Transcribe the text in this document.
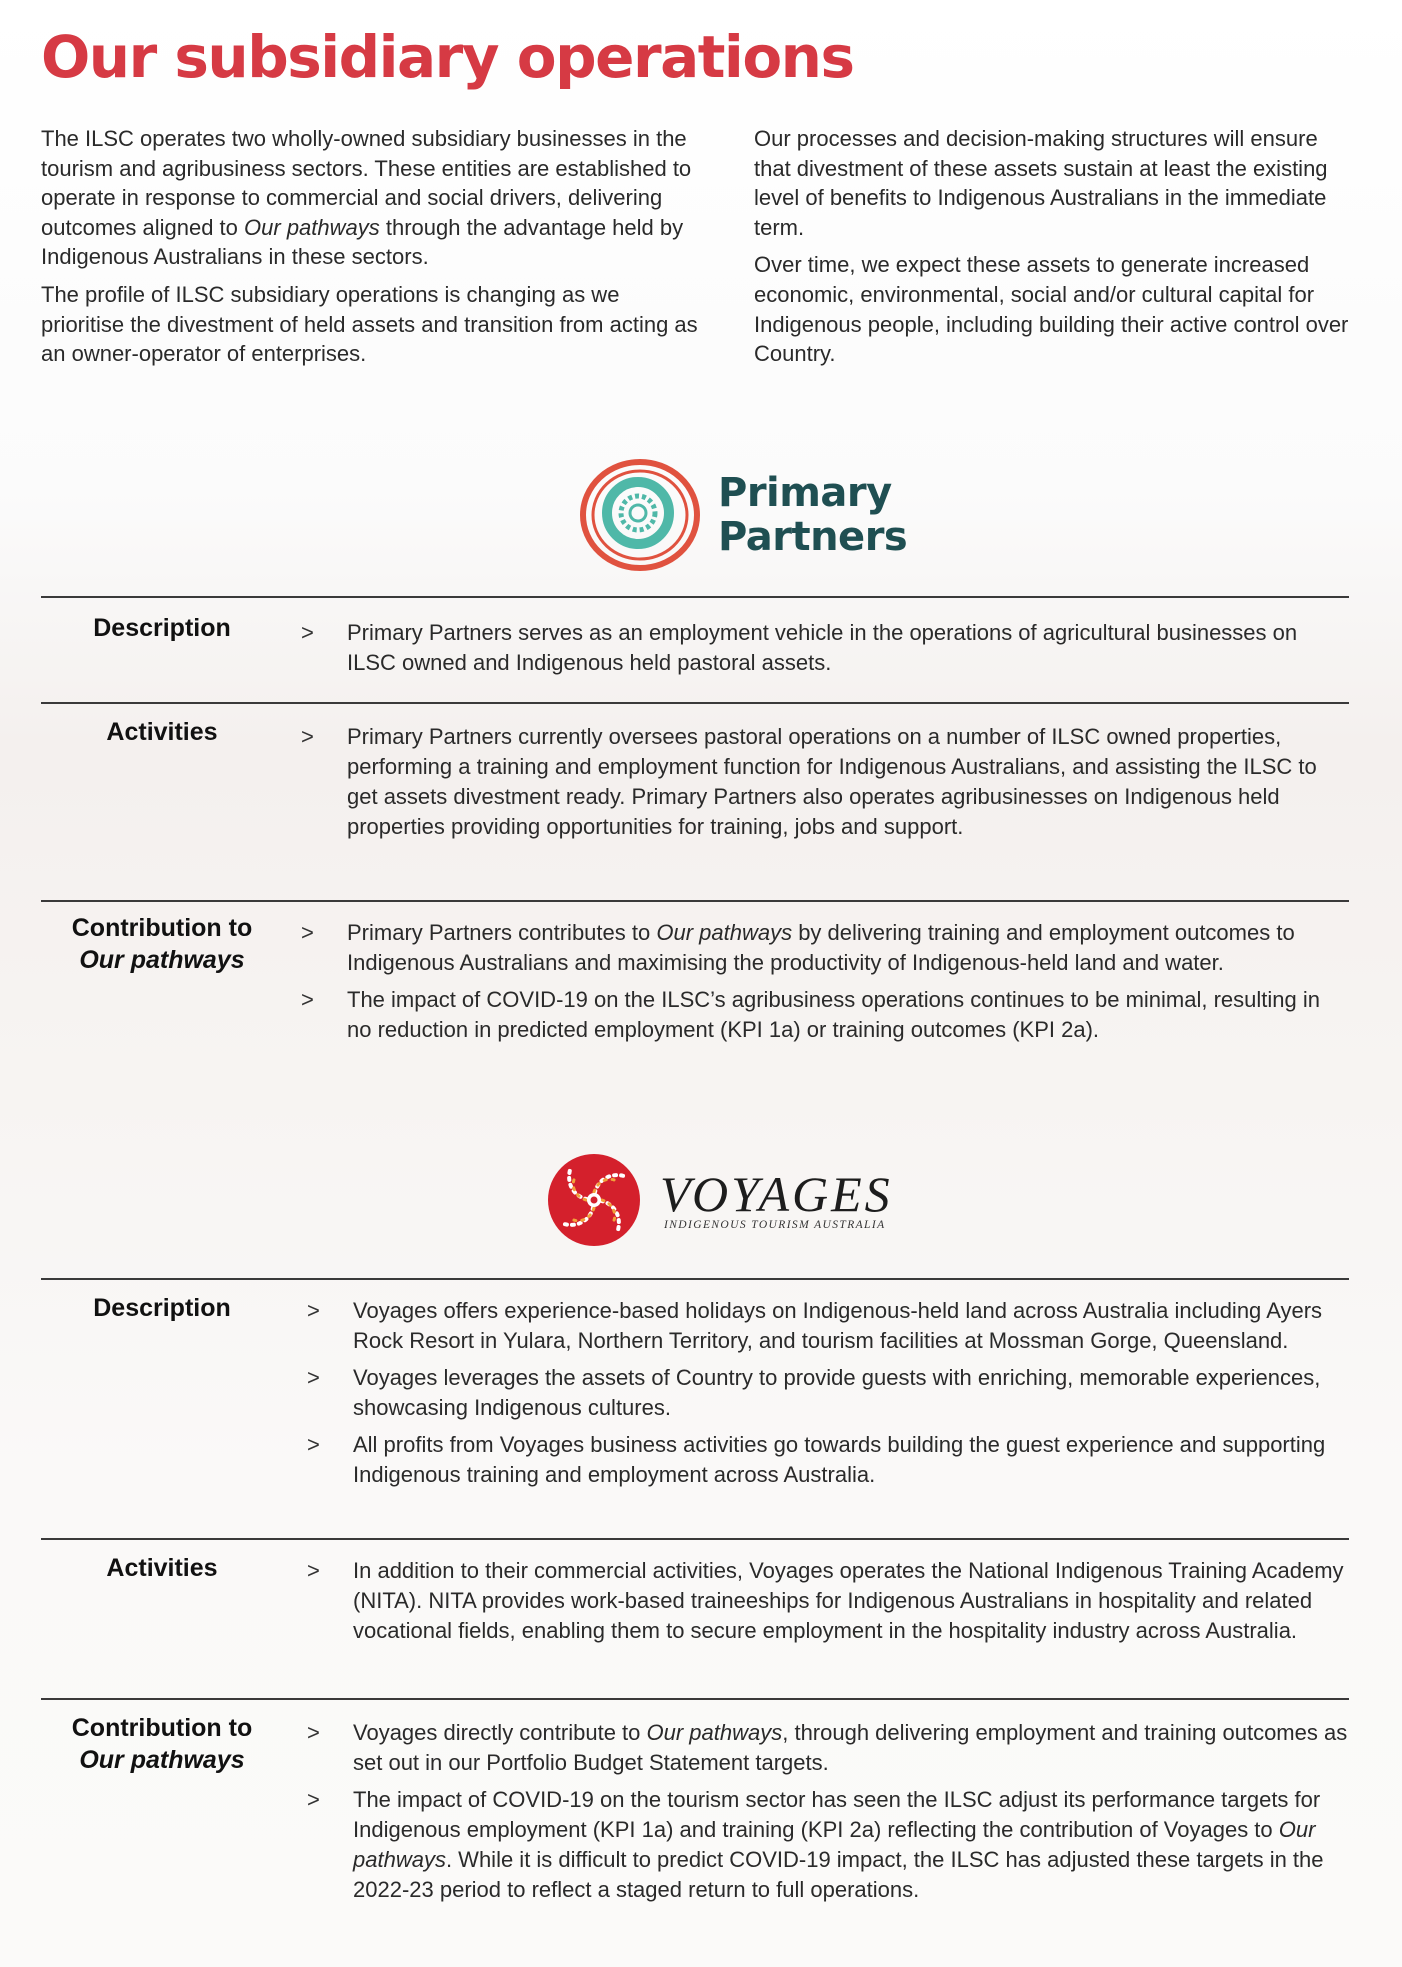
Our subsidiary operations

The ILSC operates two wholly-owned subsidiary businesses in the tourism and agribusiness sectors. These entities are established to operate in response to commercial and social drivers, delivering outcomes aligned to Our pathways through the advantage held by Indigenous Australians in these sectors.

The profile of ILSC subsidiary operations is changing as we prioritise the divestment of held assets and transition from acting as an owner-operator of enterprises.

Our processes and decision-making structures will ensure that divestment of these assets sustain at least the existing level of benefits to Indigenous Australians in the immediate term.

Over time, we expect these assets to generate increased economic, environmental, social and/or cultural capital for Indigenous people, including building their active control over Country.

Primary
Partners
Description	>	Primary Partners serves as an employment vehicle in the operations of agricultural businesses on ILSC owned and Indigenous held pastoral assets.
Activities	>	Primary Partners currently oversees pastoral operations on a number of ILSC owned properties, performing a training and employment function for Indigenous Australians, and assisting the ILSC to get assets divestment ready. Primary Partners also operates agribusinesses on Indigenous held properties providing opportunities for training, jobs and support.
Contribution to
Our pathways
>	Primary Partners contributes to Our pathways by delivering training and employment outcomes to Indigenous Australians and maximising the productivity of Indigenous-held land and water.
>	The impact of COVID-19 on the ILSC’s agribusiness operations continues to be minimal, resulting in no reduction in predicted employment (KPI 1a) or training outcomes (KPI 2a).
VOYAGES
INDIGENOUS TOURISM AUSTRALIA
Description	>	Voyages offers experience-based holidays on Indigenous-held land across Australia including Ayers Rock Resort in Yulara, Northern Territory, and tourism facilities at Mossman Gorge, Queensland.
>	Voyages leverages the assets of Country to provide guests with enriching, memorable experiences, showcasing Indigenous cultures.
>	All profits from Voyages business activities go towards building the guest experience and supporting Indigenous training and employment across Australia.
Activities	>	In addition to their commercial activities, Voyages operates the National Indigenous Training Academy (NITA). NITA provides work-based traineeships for Indigenous Australians in hospitality and related vocational fields, enabling them to secure employment in the hospitality industry across Australia.
Contribution to
Our pathways
>	Voyages directly contribute to Our pathways, through delivering employment and training outcomes as set out in our Portfolio Budget Statement targets.
>	The impact of COVID-19 on the tourism sector has seen the ILSC adjust its performance targets for Indigenous employment (KPI 1a) and training (KPI 2a) reflecting the contribution of Voyages to Our pathways. While it is difficult to predict COVID-19 impact, the ILSC has adjusted these targets in the 2022-23 period to reflect a staged return to full operations.
